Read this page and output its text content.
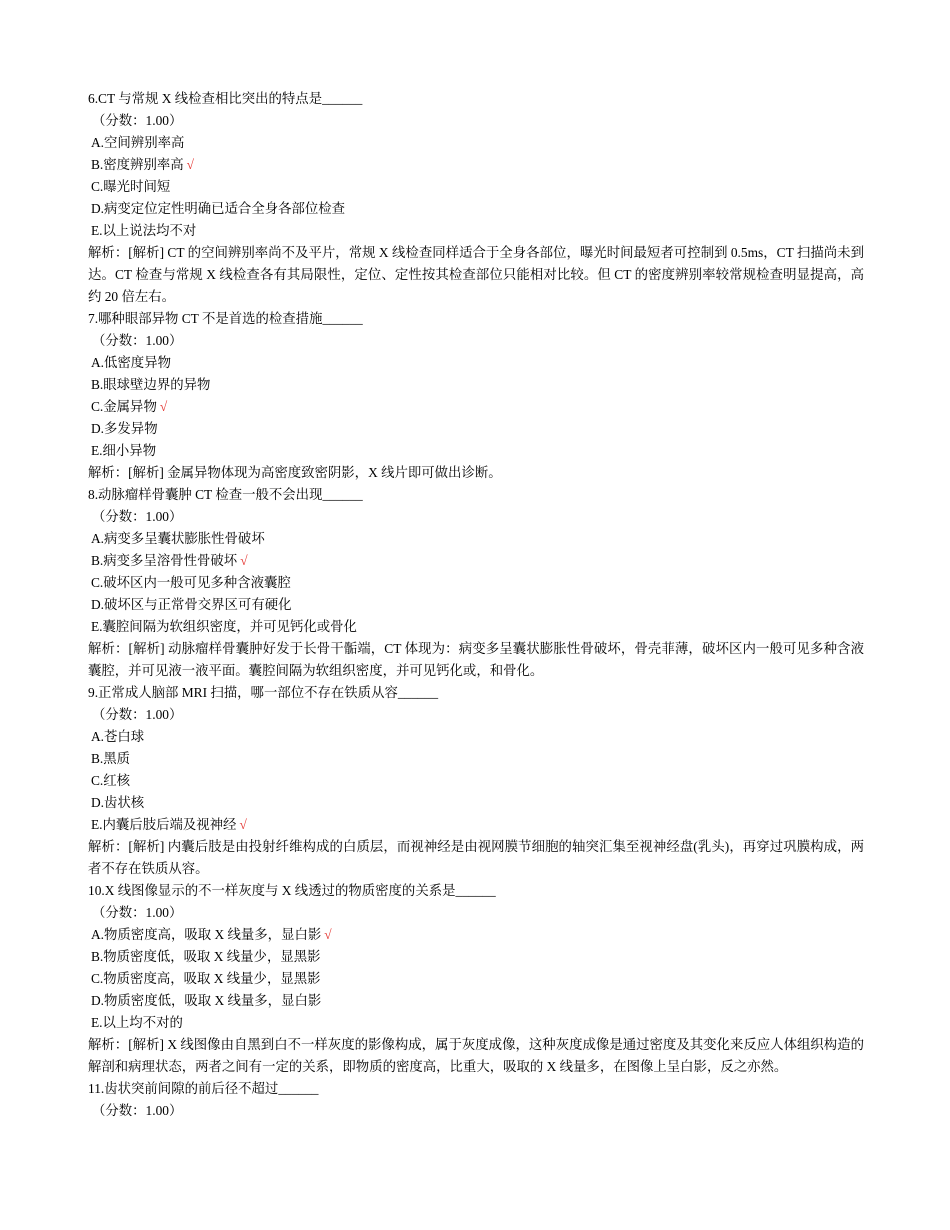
6.CT 与常规 X 线检查相比突出的特点是______
（分数：1.00）
A.空间辨别率高
B.密度辨别率高 √
C.曝光时间短
D.病变定位定性明确已适合全身各部位检查
E.以上说法均不对
解析：[解析] CT 的空间辨别率尚不及平片，常规 X 线检查同样适合于全身各部位，曝光时间最短者可控制到 0.5ms，CT 扫描尚未到达。CT 检查与常规 X 线检查各有其局限性，定位、定性按其检查部位只能相对比较。但 CT 的密度辨别率较常规检查明显提高，高约 20 倍左右。
7.哪种眼部异物 CT 不是首选的检查措施______
（分数：1.00）
A.低密度异物
B.眼球壁边界的异物
C.金属异物 √
D.多发异物
E.细小异物
解析：[解析] 金属异物体现为高密度致密阴影，X 线片即可做出诊断。
8.动脉瘤样骨囊肿 CT 检查一般不会出现______
（分数：1.00）
A.病变多呈囊状膨胀性骨破坏
B.病变多呈溶骨性骨破坏 √
C.破坏区内一般可见多种含液囊腔
D.破坏区与正常骨交界区可有硬化
E.囊腔间隔为软组织密度，并可见钙化或骨化
解析：[解析] 动脉瘤样骨囊肿好发于长骨干骺端，CT 体现为：病变多呈囊状膨胀性骨破坏，骨壳菲薄，破坏区内一般可见多种含液囊腔，并可见液一液平面。囊腔间隔为软组织密度，并可见钙化或，和骨化。
9.正常成人脑部 MRI 扫描，哪一部位不存在铁质从容______
（分数：1.00）
A.苍白球
B.黑质
C.红核
D.齿状核
E.内囊后肢后端及视神经 √
解析：[解析] 内囊后肢是由投射纤维构成的白质层，而视神经是由视网膜节细胞的轴突汇集至视神经盘(乳头)，再穿过巩膜构成，两者不存在铁质从容。
10.X 线图像显示的不一样灰度与 X 线透过的物质密度的关系是______
（分数：1.00）
A.物质密度高，吸取 X 线量多，显白影 √
B.物质密度低，吸取 X 线量少，显黑影
C.物质密度高，吸取 X 线量少，显黑影
D.物质密度低，吸取 X 线量多，显白影
E.以上均不对的
解析：[解析] X 线图像由自黑到白不一样灰度的影像构成，属于灰度成像，这种灰度成像是通过密度及其变化来反应人体组织构造的解剖和病理状态，两者之间有一定的关系，即物质的密度高，比重大，吸取的 X 线量多，在图像上呈白影，反之亦然。
11.齿状突前间隙的前后径不超过______
（分数：1.00）
